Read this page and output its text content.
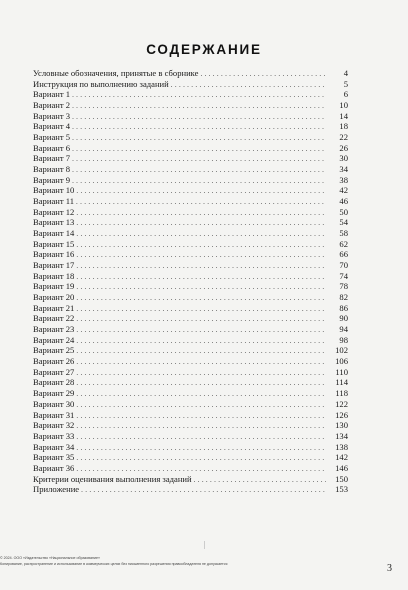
СОДЕРЖАНИЕ
Условные обозначения, принятые в сборнике . . .	4
Инструкция по выполнению заданий . . .	5
Вариант 1 . . .	6
Вариант 2 . . .	10
Вариант 3 . . .	14
Вариант 4 . . .	18
Вариант 5 . . .	22
Вариант 6 . . .	26
Вариант 7 . . .	30
Вариант 8 . . .	34
Вариант 9 . . .	38
Вариант 10 . . .	42
Вариант 11 . . .	46
Вариант 12 . . .	50
Вариант 13 . . .	54
Вариант 14 . . .	58
Вариант 15 . . .	62
Вариант 16 . . .	66
Вариант 17 . . .	70
Вариант 18 . . .	74
Вариант 19 . . .	78
Вариант 20 . . .	82
Вариант 21 . . .	86
Вариант 22 . . .	90
Вариант 23 . . .	94
Вариант 24 . . .	98
Вариант 25 . . .	102
Вариант 26 . . .	106
Вариант 27 . . .	110
Вариант 28 . . .	114
Вариант 29 . . .	118
Вариант 30 . . .	122
Вариант 31 . . .	126
Вариант 32 . . .	130
Вариант 33 . . .	134
Вариант 34 . . .	138
Вариант 35 . . .	142
Вариант 36 . . .	146
Критерии оценивания выполнения заданий . . .	150
Приложение . . .	153
© 2024. ООО «Издательство «Национальное образование»
Копирование, распространение и использование в коммерческих целях без письменного разрешения правообладателя не допускается	3
